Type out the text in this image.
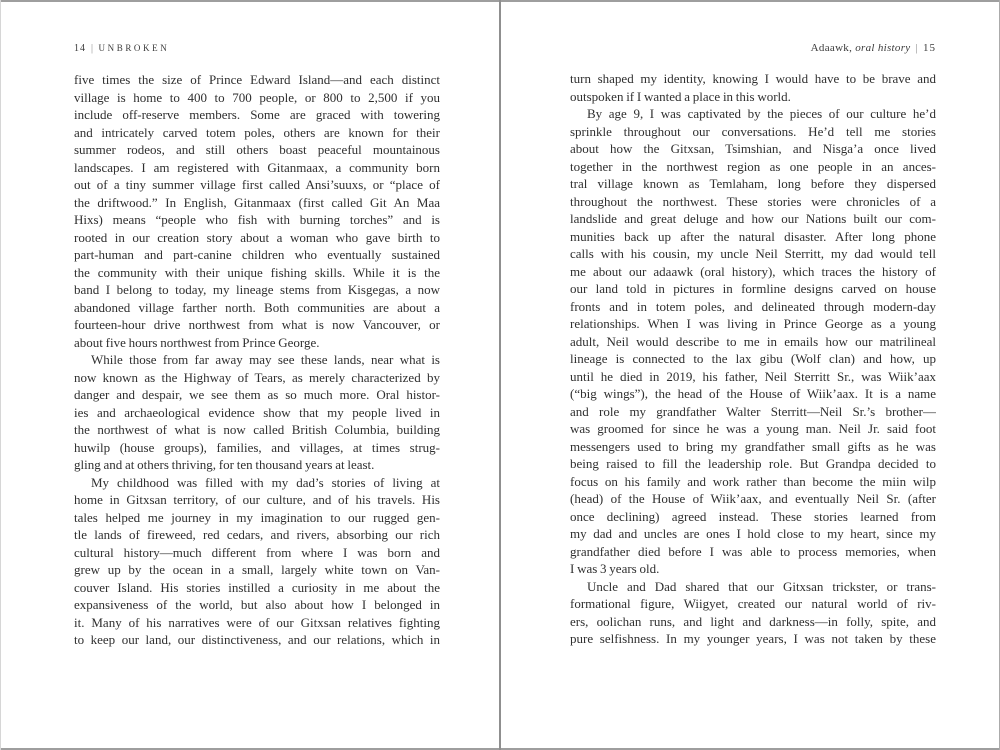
14 | UNBROKEN
five times the size of Prince Edward Island—and each distinct
village is home to 400 to 700 people, or 800 to 2,500 if you
include off-reserve members. Some are graced with towering
and intricately carved totem poles, others are known for their
summer rodeos, and still others boast peaceful mountainous
landscapes. I am registered with Gitanmaax, a community born
out of a tiny summer village first called Ansi’suuxs, or “place of
the driftwood.” In English, Gitanmaax (first called Git An Maa
Hixs) means “people who fish with burning torches” and is
rooted in our creation story about a woman who gave birth to
part-human and part-canine children who eventually sustained
the community with their unique fishing skills. While it is the
band I belong to today, my lineage stems from Kisgegas, a now
abandoned village farther north. Both communities are about a
fourteen-hour drive northwest from what is now Vancouver, or
about five hours northwest from Prince George.
While those from far away may see these lands, near what is
now known as the Highway of Tears, as merely characterized by
danger and despair, we see them as so much more. Oral histor-
ies and archaeological evidence show that my people lived in
the northwest of what is now called British Columbia, building
huwilp (house groups), families, and villages, at times strug-
gling and at others thriving, for ten thousand years at least.
My childhood was filled with my dad’s stories of living at
home in Gitxsan territory, of our culture, and of his travels. His
tales helped me journey in my imagination to our rugged gen-
tle lands of fireweed, red cedars, and rivers, absorbing our rich
cultural history—much different from where I was born and
grew up by the ocean in a small, largely white town on Van-
couver Island. His stories instilled a curiosity in me about the
expansiveness of the world, but also about how I belonged in
it. Many of his narratives were of our Gitxsan relatives fighting
to keep our land, our distinctiveness, and our relations, which in
Adaawk, oral history | 15
turn shaped my identity, knowing I would have to be brave and
outspoken if I wanted a place in this world.
By age 9, I was captivated by the pieces of our culture he’d
sprinkle throughout our conversations. He’d tell me stories
about how the Gitxsan, Tsimshian, and Nisga’a once lived
together in the northwest region as one people in an ances-
tral village known as Temlaham, long before they dispersed
throughout the northwest. These stories were chronicles of a
landslide and great deluge and how our Nations built our com-
munities back up after the natural disaster. After long phone
calls with his cousin, my uncle Neil Sterritt, my dad would tell
me about our adaawk (oral history), which traces the history of
our land told in pictures in formline designs carved on house
fronts and in totem poles, and delineated through modern-day
relationships. When I was living in Prince George as a young
adult, Neil would describe to me in emails how our matrilineal
lineage is connected to the lax gibu (Wolf clan) and how, up
until he died in 2019, his father, Neil Sterritt Sr., was Wiik’aax
(“big wings”), the head of the House of Wiik’aax. It is a name
and role my grandfather Walter Sterritt—Neil Sr.’s brother—
was groomed for since he was a young man. Neil Jr. said foot
messengers used to bring my grandfather small gifts as he was
being raised to fill the leadership role. But Grandpa decided to
focus on his family and work rather than become the miin wilp
(head) of the House of Wiik’aax, and eventually Neil Sr. (after
once declining) agreed instead. These stories learned from
my dad and uncles are ones I hold close to my heart, since my
grandfather died before I was able to process memories, when
I was 3 years old.
Uncle and Dad shared that our Gitxsan trickster, or trans-
formational figure, Wiigyet, created our natural world of riv-
ers, oolichan runs, and light and darkness—in folly, spite, and
pure selfishness. In my younger years, I was not taken by these
